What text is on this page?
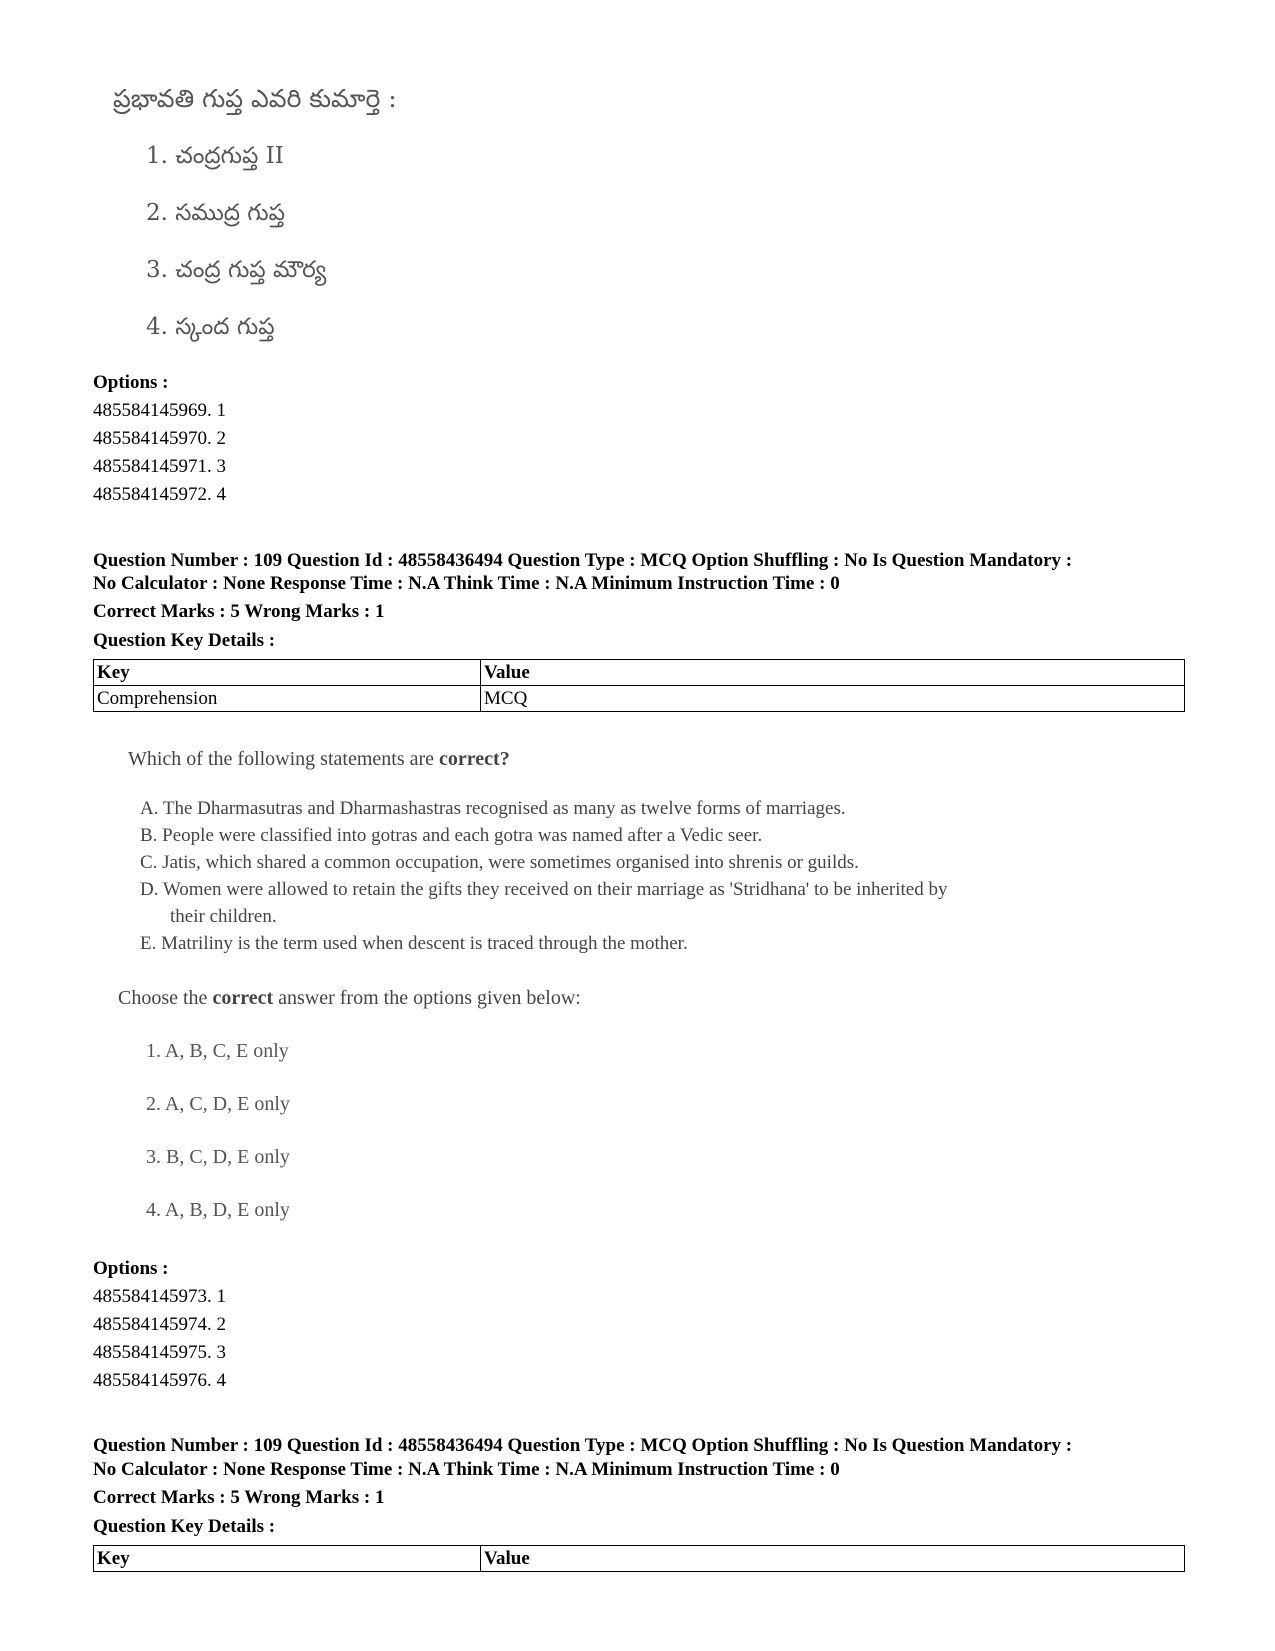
ప్రభావతి గుప్త ఎవరి కుమార్తె :
1. చంద్రగుప్త II
2. సముద్ర గుప్త
3. చంద్ర గుప్త మౌర్య
4. స్కంద గుప్త
Options :
485584145969. 1
485584145970. 2
485584145971. 3
485584145972. 4
Question Number : 109 Question Id : 48558436494 Question Type : MCQ Option Shuffling : No Is Question Mandatory :
No Calculator : None Response Time : N.A Think Time : N.A Minimum Instruction Time : 0
Correct Marks : 5 Wrong Marks : 1
Question Key Details :
Key	Value
Comprehension	MCQ
Which of the following statements are correct?
A. The Dharmasutras and Dharmashastras recognised as many as twelve forms of marriages.
B. People were classified into gotras and each gotra was named after a Vedic seer.
C. Jatis, which shared a common occupation, were sometimes organised into shrenis or guilds.
D. Women were allowed to retain the gifts they received on their marriage as 'Stridhana' to be inherited by
their children.
E. Matriliny is the term used when descent is traced through the mother.
Choose the correct answer from the options given below:
1. A, B, C, E only
2. A, C, D, E only
3. B, C, D, E only
4. A, B, D, E only
Options :
485584145973. 1
485584145974. 2
485584145975. 3
485584145976. 4
Question Number : 109 Question Id : 48558436494 Question Type : MCQ Option Shuffling : No Is Question Mandatory :
No Calculator : None Response Time : N.A Think Time : N.A Minimum Instruction Time : 0
Correct Marks : 5 Wrong Marks : 1
Question Key Details :
Key	Value
